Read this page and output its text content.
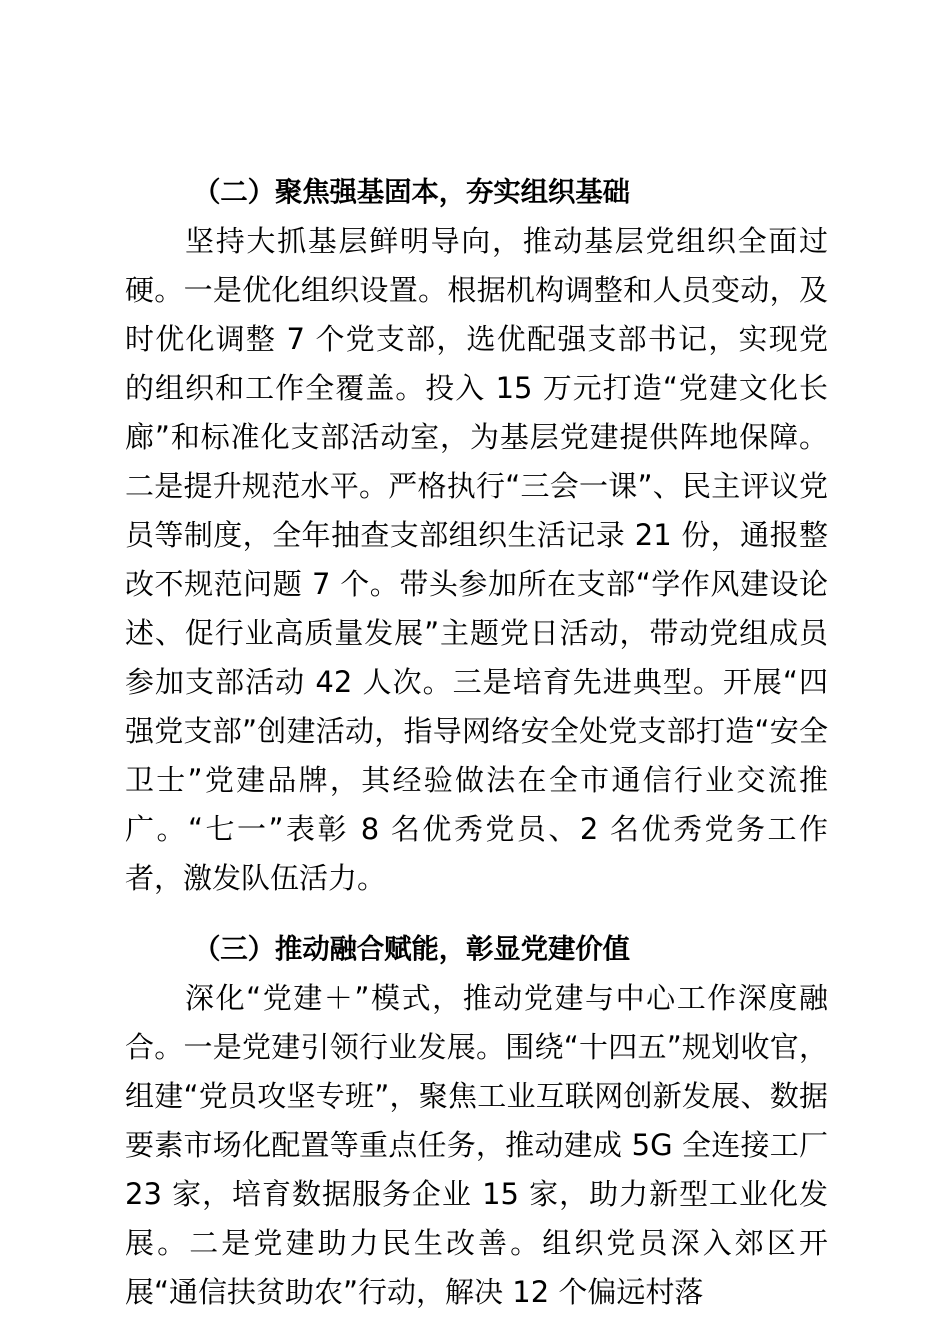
（二）聚焦强基固本，夯实组织基础

坚持大抓基层鲜明导向，推动基层党组织全面过硬。一是优化组织设置。根据机构调整和人员变动，及时优化调整 7 个党支部，选优配强支部书记，实现党的组织和工作全覆盖。投入 15 万元打造“党建文化长廊”和标准化支部活动室，为基层党建提供阵地保障。二是提升规范水平。严格执行“三会一课”、民主评议党员等制度，全年抽查支部组织生活记录 21 份，通报整改不规范问题 7 个。带头参加所在支部“学作风建设论述、促行业高质量发展”主题党日活动，带动党组成员参加支部活动 42 人次。三是培育先进典型。开展“四强党支部”创建活动，指导网络安全处党支部打造“安全卫士”党建品牌，其经验做法在全市通信行业交流推广。“七一”表彰 8 名优秀党员、2 名优秀党务工作者，激发队伍活力。

（三）推动融合赋能，彰显党建价值

深化“党建＋”模式，推动党建与中心工作深度融合。一是党建引领行业发展。围绕“十四五”规划收官，组建“党员攻坚专班”，聚焦工业互联网创新发展、数据要素市场化配置等重点任务，推动建成 5G 全连接工厂 23 家，培育数据服务企业 15 家，助力新型工业化发展。二是党建助力民生改善。组织党员深入郊区开展“通信扶贫助农”行动，解决 12 个偏远村落
